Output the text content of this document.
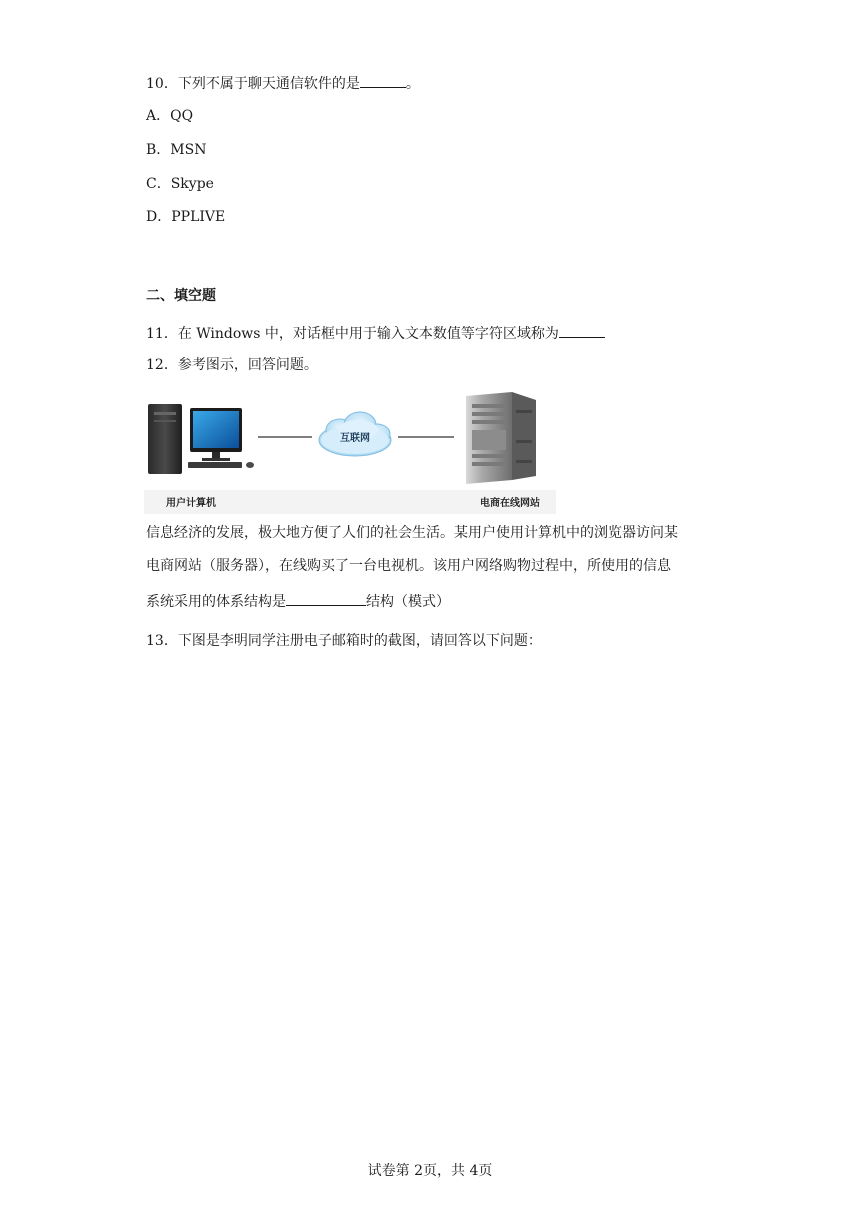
10．下列不属于聊天通信软件的是	。
A．QQ
B．MSN
C．Skype
D．PPLIVE
二、填空题
11．在 Windows 中，对话框中用于输入文本数值等字符区域称为
12．参考图示，回答问题。
互联网
用户计算机	电商在线网站
信息经济的发展，极大地方便了人们的社会生活。某用户使用计算机中的浏览器访问某
电商网站（服务器），在线购买了一台电视机。该用户网络购物过程中，所使用的信息
系统采用的体系结构是	结构（模式）
13．下图是李明同学注册电子邮箱时的截图，请回答以下问题：
试卷第 2页，共 4页
